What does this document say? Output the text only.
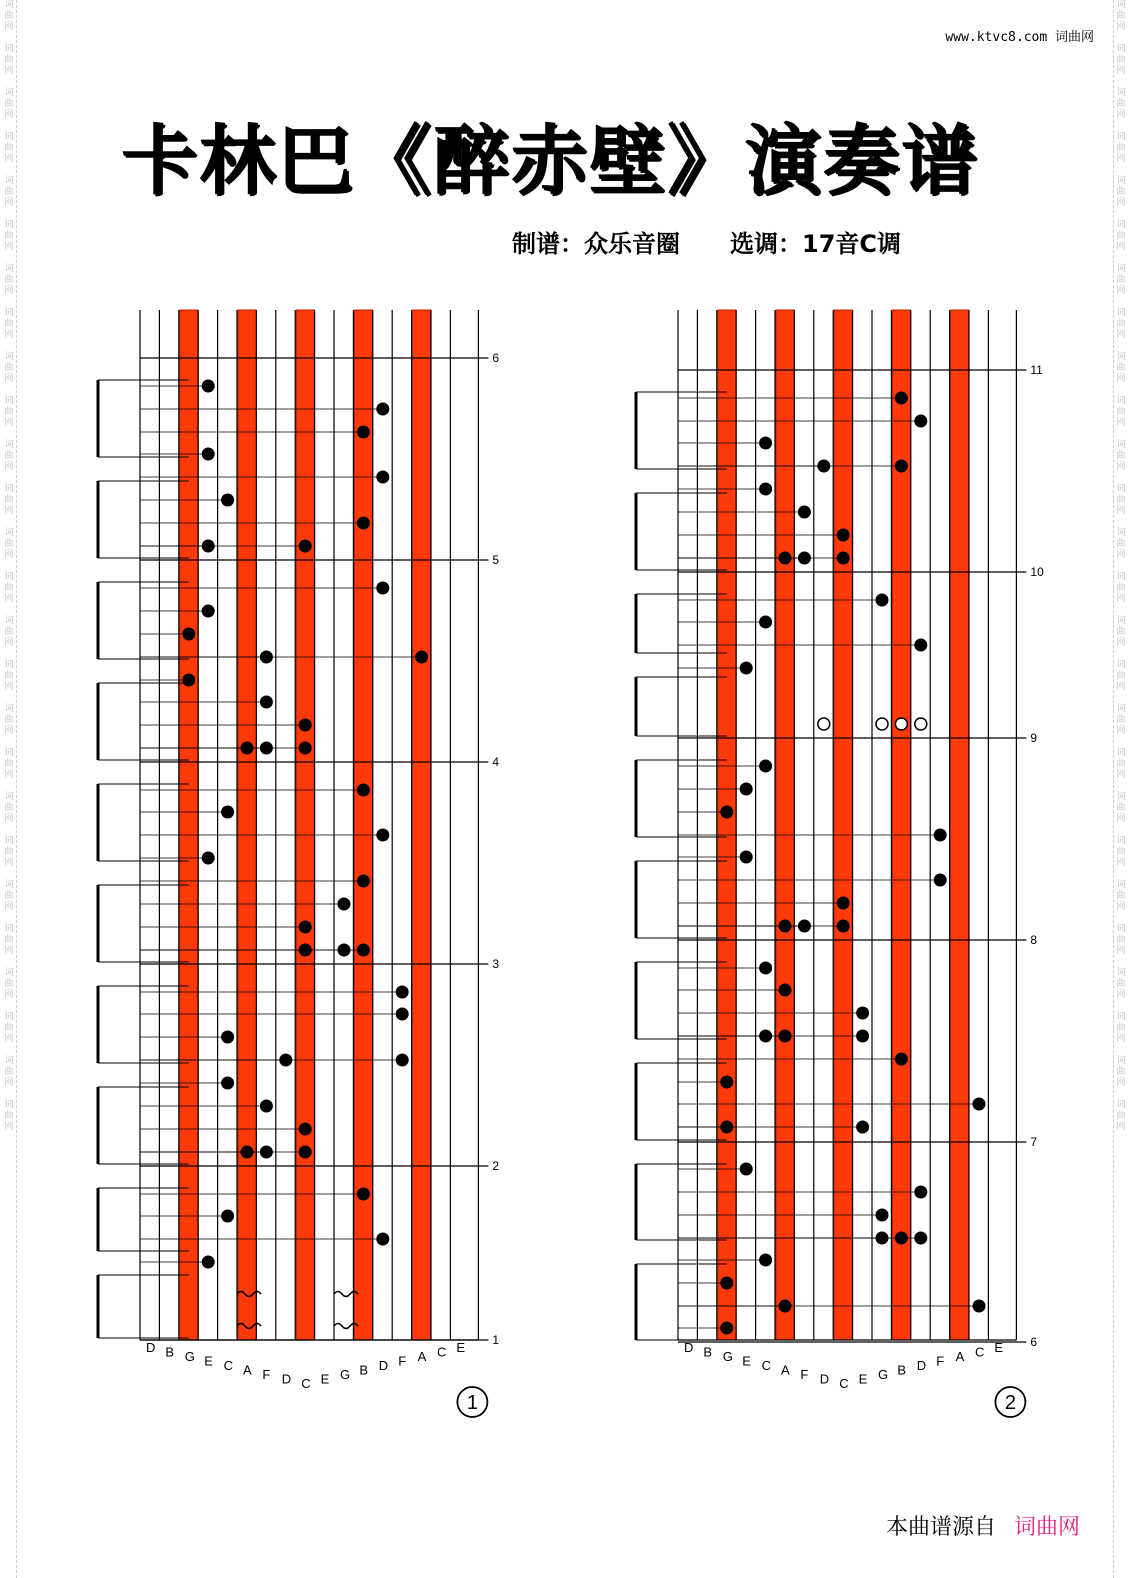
词
曲
网

词
曲
网

词
曲
网

词
曲
网

词
曲
网

词
曲
网

词
曲
网

词
曲
网

词
曲
网

词
曲
网

词
曲
网

词
曲
网

词
曲
网

词
曲
网

词
曲
网

词
曲
网

词
曲
网

词
曲
网

词
曲
网

词
曲
网

词
曲
网

词
曲
网

词
曲
网

词
曲
网

词
曲
网

词
曲
网

词
曲
网

词
曲
网

词
曲
网

词
曲
网

词
曲
网

词
曲
网

词
曲
网

词
曲
网

词
曲
网

词
曲
网

词
曲
网

词
曲
网

词
曲
网

词
曲
网

词
曲
网

词
曲
网

词
曲
网

词
曲
网

词
曲
网

词
曲
网

词
曲
网

词
曲
网

词
曲
网

词
曲
网

词
曲
网

词
曲
网

www.ktvc8.com 词曲网
卡林巴《醉赤壁》演奏谱
制谱：众乐音圈 选调：17音C调
6
5
4
3
2
1
D B G E C A F D C E G B D F A C E
1
11
10
9
8
7
6
D B G E C A F D C E G B D F A C E
2
本曲谱源自 词曲网
